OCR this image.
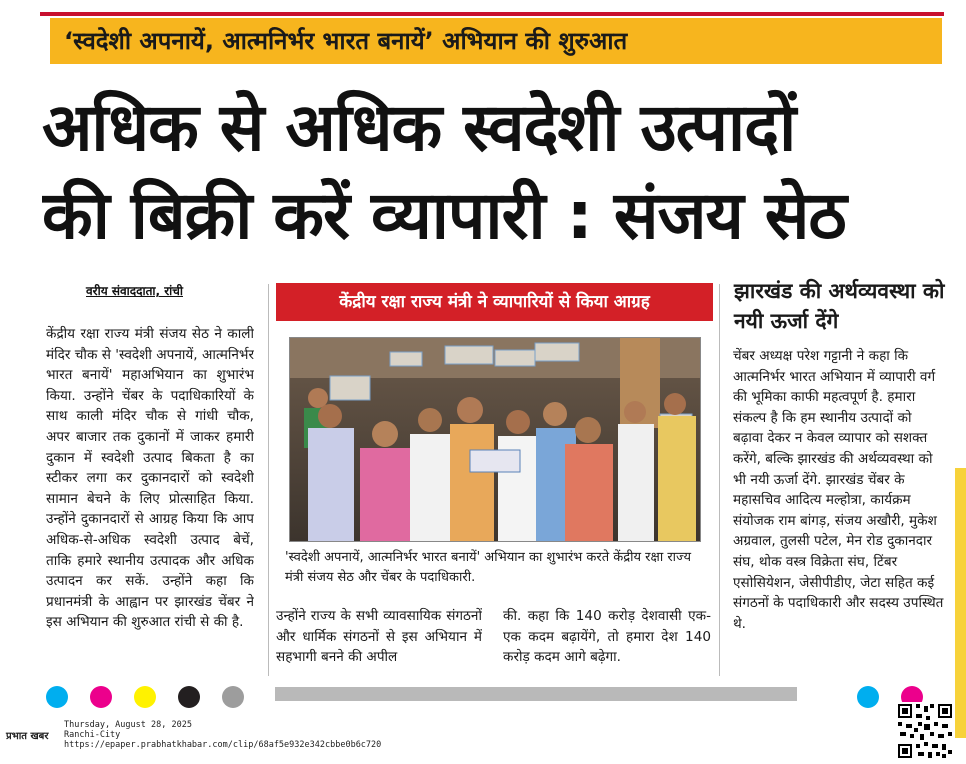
‘स्वदेशी अपनायें, आत्मनिर्भर भारत बनायें’ अभियान की शुरुआत
अधिक से अधिक स्वदेशी उत्पादों
की बिक्री करें व्यापारी : संजय सेठ
वरीय संवाददाता, रांची

केंद्रीय रक्षा राज्य मंत्री संजय सेठ ने काली मंदिर चौक से 'स्वदेशी अपनायें, आत्मनिर्भर भारत बनायें' महाअभियान का शुभारंभ किया. उन्होंने चेंबर के पदाधिकारियों के साथ काली मंदिर चौक से गांधी चौक, अपर बाजार तक दुकानों में जाकर हमारी दुकान में स्वदेशी उत्पाद बिकता है का स्टीकर लगा कर दुकानदारों को स्वदेशी सामान बेचने के लिए प्रोत्साहित किया. उन्होंने दुकानदारों से आग्रह किया कि आप अधिक-से-अधिक स्वदेशी उत्पाद बेचें, ताकि हमारे स्थानीय उत्पादक और अधिक उत्पादन कर सकें. उन्होंने कहा कि प्रधानमंत्री के आह्वान पर झारखंड चेंबर ने इस अभियान की शुरुआत रांची से की है.

केंद्रीय रक्षा राज्य मंत्री ने व्यापारियों से किया आग्रह
'स्वदेशी अपनायें, आत्मनिर्भर भारत बनायें' अभियान का शुभारंभ करते केंद्रीय रक्षा राज्य मंत्री संजय सेठ और चेंबर के पदाधिकारी.

उन्होंने राज्य के सभी व्यावसायिक संगठनों और धार्मिक संगठनों से इस अभियान में सहभागी बनने की अपील

की. कहा कि 140 करोड़ देशवासी एक-एक कदम बढ़ायेंगे, तो हमारा देश 140 करोड़ कदम आगे बढ़ेगा.

झारखंड की अर्थव्यवस्था को नयी ऊर्जा देंगे
चेंबर अध्यक्ष परेश गट्टानी ने कहा कि आत्मनिर्भर भारत अभियान में व्यापारी वर्ग की भूमिका काफी महत्वपूर्ण है. हमारा संकल्प है कि हम स्थानीय उत्पादों को बढ़ावा देकर न केवल व्यापार को सशक्त करेंगे, बल्कि झारखंड की अर्थव्यवस्था को भी नयी ऊर्जा देंगे. झारखंड चेंबर के महासचिव आदित्य मल्होत्रा, कार्यक्रम संयोजक राम बांगड़, संजय अखौरी, मुकेश अग्रवाल, तुलसी पटेल, मेन रोड दुकानदार संघ, थोक वस्त्र विक्रेता संघ, टिंबर एसोसियेशन, जेसीपीडीए, जेटा सहित कई संगठनों के पदाधिकारी और सदस्य उपस्थित थे.
प्रभात खबर
Thursday, August 28, 2025
Ranchi-City
https://epaper.prabhatkhabar.com/clip/68af5e932e342cbbe0b6c720
